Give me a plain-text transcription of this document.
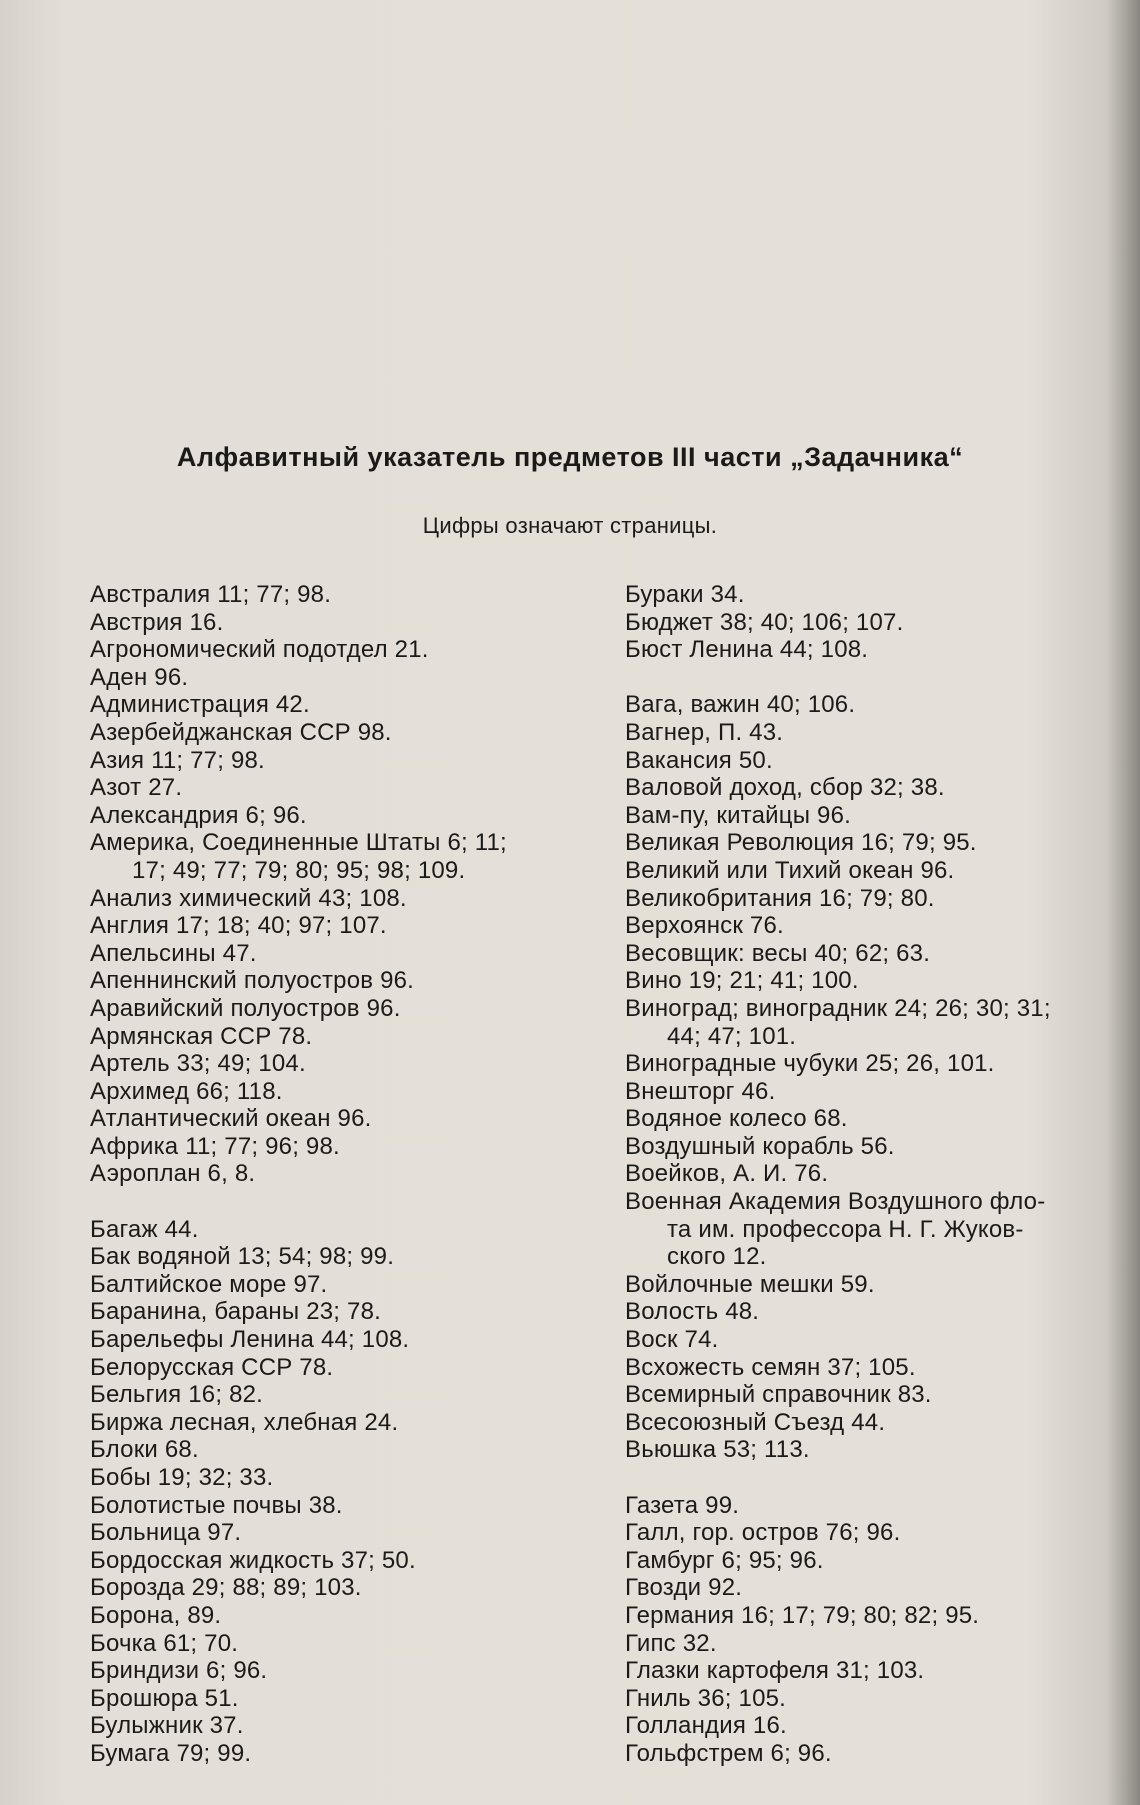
Алфавитный указатель предметов III части „Задачника“
Цифры означают страницы.
Австралия 11; 77; 98.
Австрия 16.
Агрономический подотдел 21.
Аден 96.
Администрация 42.
Азербейджанская ССР 98.
Азия 11; 77; 98.
Азот 27.
Александрия 6; 96.
Америка, Соединенные Штаты 6; 11;
17; 49; 77; 79; 80; 95; 98; 109.
Анализ химический 43; 108.
Англия 17; 18; 40; 97; 107.
Апельсины 47.
Апеннинский полуостров 96.
Аравийский полуостров 96.
Армянская ССР 78.
Артель 33; 49; 104.
Архимед 66; 118.
Атлантический океан 96.
Африка 11; 77; 96; 98.
Аэроплан 6, 8.
Багаж 44.
Бак водяной 13; 54; 98; 99.
Балтийское море 97.
Баранина, бараны 23; 78.
Барельефы Ленина 44; 108.
Белорусская ССР 78.
Бельгия 16; 82.
Биржа лесная, хлебная 24.
Блоки 68.
Бобы 19; 32; 33.
Болотистые почвы 38.
Больница 97.
Бордосская жидкость 37; 50.
Борозда 29; 88; 89; 103.
Борона, 89.
Бочка 61; 70.
Бриндизи 6; 96.
Брошюра 51.
Булыжник 37.
Бумага 79; 99.
Бураки 34.
Бюджет 38; 40; 106; 107.
Бюст Ленина 44; 108.
Вага, важин 40; 106.
Вагнер, П. 43.
Вакансия 50.
Валовой доход, сбор 32; 38.
Вам-пу, китайцы 96.
Великая Революция 16; 79; 95.
Великий или Тихий океан 96.
Великобритания 16; 79; 80.
Верхоянск 76.
Весовщик: весы 40; 62; 63.
Вино 19; 21; 41; 100.
Виноград; виноградник 24; 26; 30; 31;
44; 47; 101.
Виноградные чубуки 25; 26, 101.
Внешторг 46.
Водяное колесо 68.
Воздушный корабль 56.
Воейков, А. И. 76.
Военная Академия Воздушного фло-
та им. профессора Н. Г. Жуков-
ского 12.
Войлочные мешки 59.
Волость 48.
Воск 74.
Всхожесть семян 37; 105.
Всемирный справочник 83.
Всесоюзный Съезд 44.
Вьюшка 53; 113.
Газета 99.
Галл, гор. остров 76; 96.
Гамбург 6; 95; 96.
Гвозди 92.
Германия 16; 17; 79; 80; 82; 95.
Гипс 32.
Глазки картофеля 31; 103.
Гниль 36; 105.
Голландия 16.
Гольфстрем 6; 96.
